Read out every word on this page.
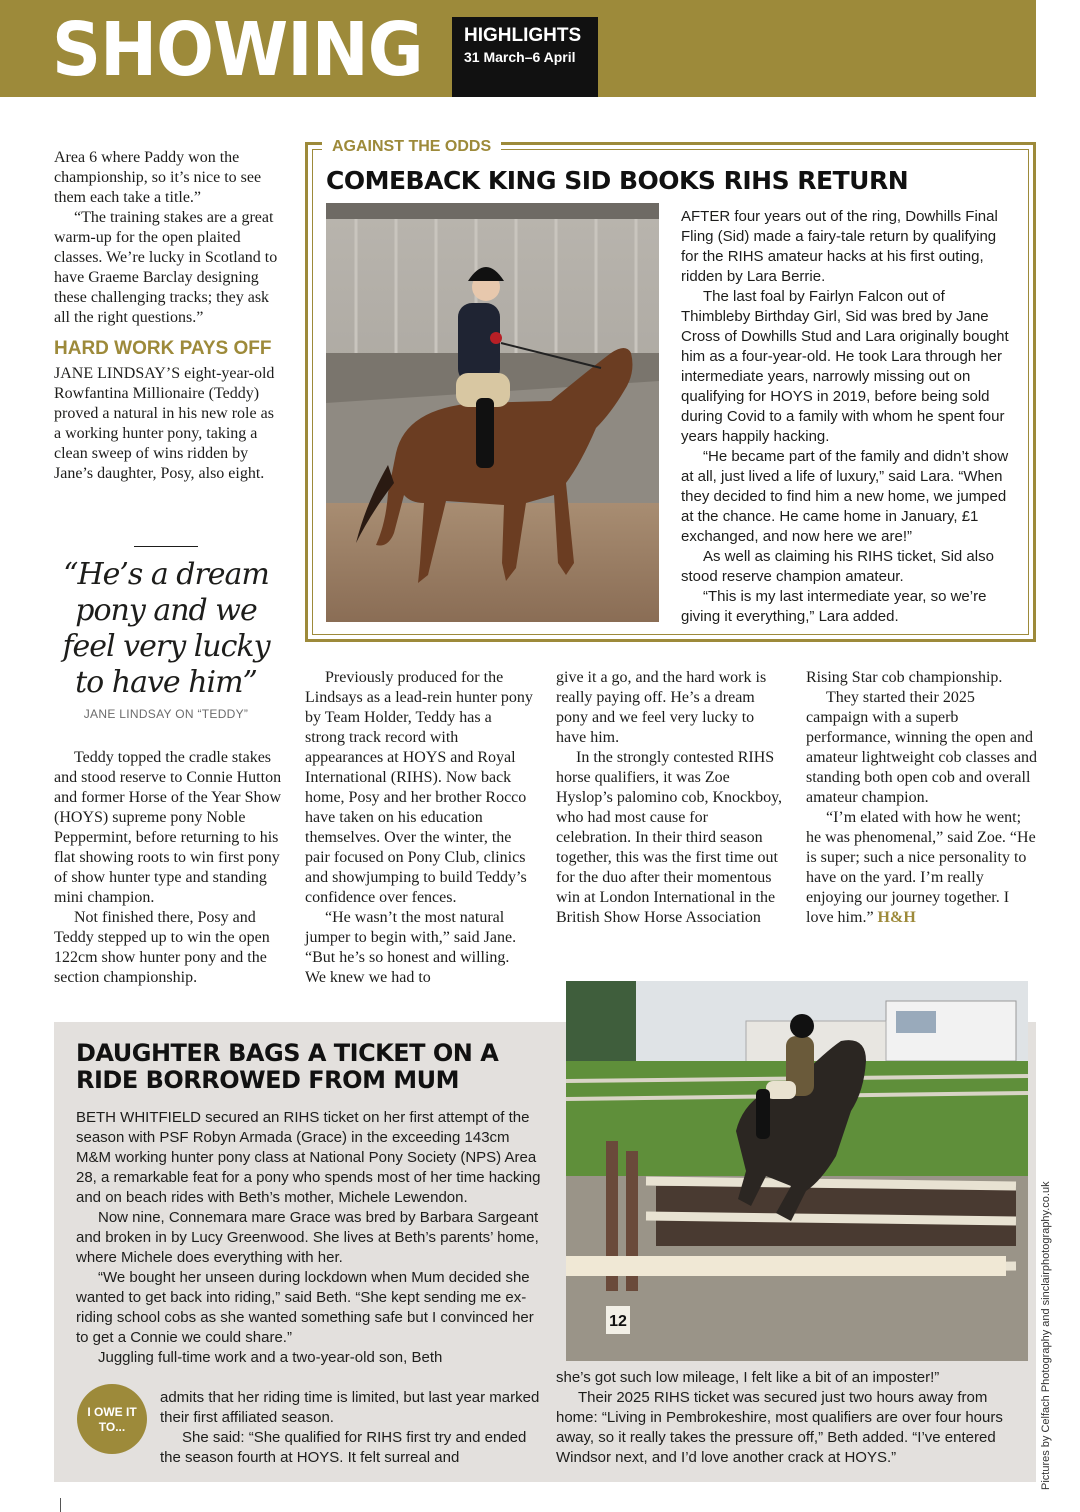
SHOWING HIGHLIGHTS
31 March–6 April

Area 6 where Paddy won the championship, so it’s nice to see them each take a title.”

“The training stakes are a great warm-up for the open plaited classes. We’re lucky in Scotland to have Graeme Barclay designing these challenging tracks; they ask all the right questions.”

HARD WORK PAYS OFF

JANE LINDSAY’S eight-year-old Rowfantina Millionaire (Teddy) proved a natural in his new role as a working hunter pony, taking a clean sweep of wins ridden by Jane’s daughter, Posy, also eight.

“He’s a dream pony and we feel very lucky to have him”
JANE LINDSAY ON “TEDDY”

Teddy topped the cradle stakes and stood reserve to Connie Hutton and former Horse of the Year Show (HOYS) supreme pony Noble Peppermint, before returning to his flat showing roots to win first pony of show hunter type and standing mini champion.

Not finished there, Posy and Teddy stepped up to win the open 122cm show hunter pony and the section championship.

AGAINST THE ODDS
COMEBACK KING SID BOOKS RIHS RETURN

AFTER four years out of the ring, Dowhills Final Fling (Sid) made a fairy-tale return by qualifying for the RIHS amateur hacks at his first outing, ridden by Lara Berrie.

The last foal by Fairlyn Falcon out of Thimbleby Birthday Girl, Sid was bred by Jane Cross of Dowhills Stud and Lara originally bought him as a four-year-old. He took Lara through her intermediate years, narrowly missing out on qualifying for HOYS in 2019, before being sold during Covid to a family with whom he spent four years happily hacking.

“He became part of the family and didn’t show at all, just lived a life of luxury,” said Lara. “When they decided to find him a new home, we jumped at the chance. He came home in January, £1 exchanged, and now here we are!”

As well as claiming his RIHS ticket, Sid also stood reserve champion amateur.

“This is my last intermediate year, so we’re giving it everything,” Lara added.

Previously produced for the Lindsays as a lead-rein hunter pony by Team Holder, Teddy has a strong track record with appearances at HOYS and Royal International (RIHS). Now back home, Posy and her brother Rocco have taken on his education themselves. Over the winter, the pair focused on Pony Club, clinics and showjumping to build Teddy’s confidence over fences.

“He wasn’t the most natural jumper to begin with,” said Jane. “But he’s so honest and willing. We knew we had to

give it a go, and the hard work is really paying off. He’s a dream pony and we feel very lucky to have him.

In the strongly contested RIHS horse qualifiers, it was Zoe Hyslop’s palomino cob, Knockboy, who had most cause for celebration. In their third season together, this was the first time out for the duo after their momentous win at London International in the British Show Horse Association

Rising Star cob championship.

They started their 2025 campaign with a superb performance, winning the open and amateur lightweight cob classes and standing both open cob and overall amateur champion.

“I’m elated with how he went; he was phenomenal,” said Zoe. “He is super; such a nice personality to have on the yard. I’m really enjoying our journey together. I love him.” H&H

12
DAUGHTER BAGS A TICKET ON A RIDE BORROWED FROM MUM

BETH WHITFIELD secured an RIHS ticket on her first attempt of the season with PSF Robyn Armada (Grace) in the exceeding 143cm M&M working hunter pony class at National Pony Society (NPS) Area 28, a remarkable feat for a pony who spends most of her time hacking and on beach rides with Beth’s mother, Michele Lewendon.

Now nine, Connemara mare Grace was bred by Barbara Sargeant and broken in by Lucy Greenwood. She lives at Beth’s parents’ home, where Michele does everything with her.

“We bought her unseen during lockdown when Mum decided she wanted to get back into riding,” said Beth. “She kept sending me ex-riding school cobs as she wanted something safe but I convinced her to get a Connie we could share.”

Juggling full-time work and a two-year-old son, Beth

admits that her riding time is limited, but last year marked their first affiliated season.

She said: “She qualified for RIHS first try and ended the season fourth at HOYS. It felt surreal and

I OWE IT TO...

she’s got such low mileage, I felt like a bit of an imposter!”

Their 2025 RIHS ticket was secured just two hours away from home: “Living in Pembrokeshire, most qualifiers are over four hours away, so it really takes the pressure off,” Beth added. “I’ve entered Windsor next, and I’d love another crack at HOYS.”	Pictures by Celfach Photography and sinclairphotography.co.uk
